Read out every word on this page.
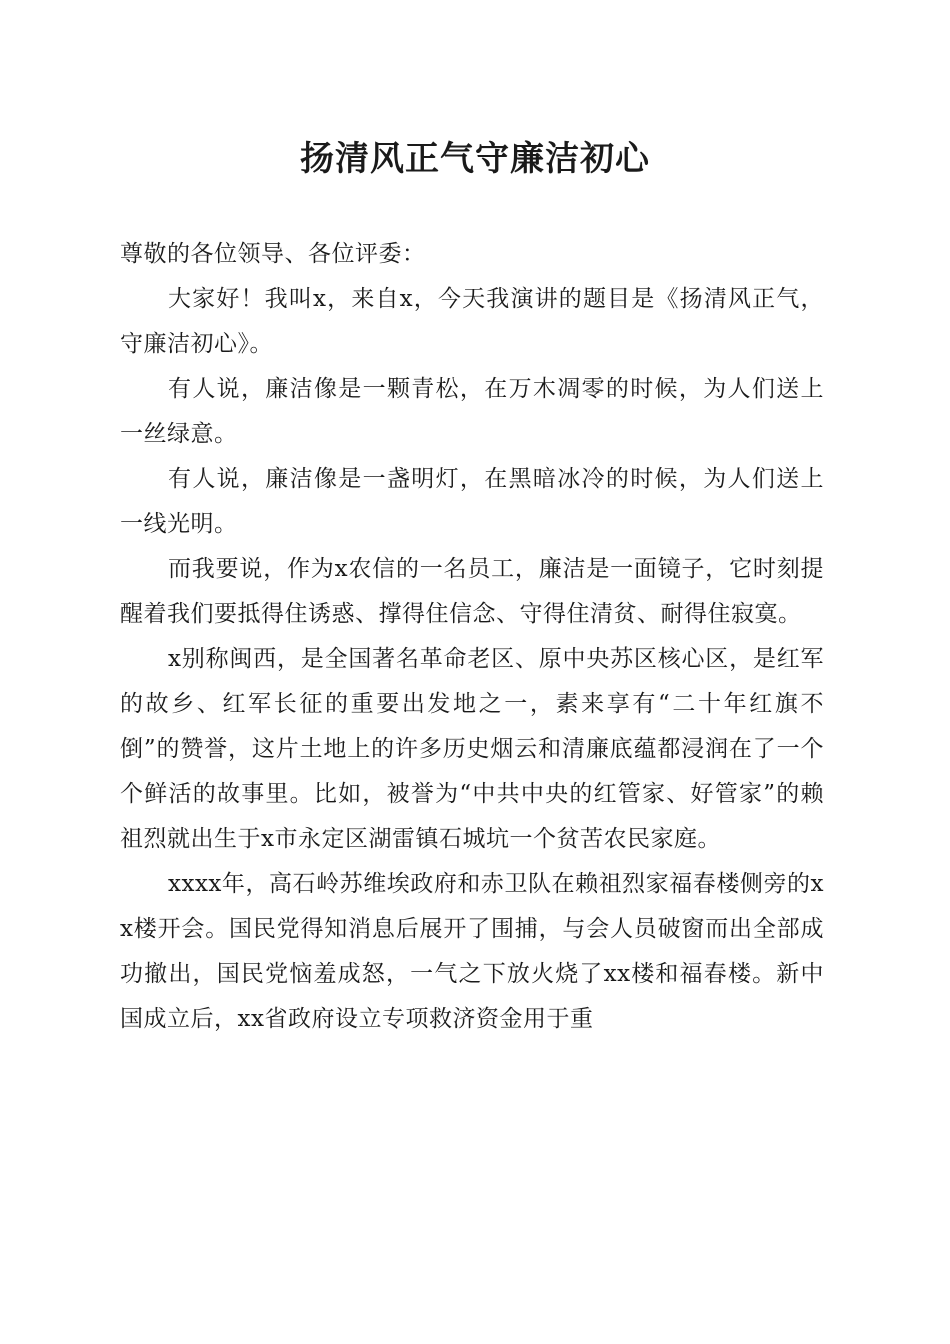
扬清风正气守廉洁初心

尊敬的各位领导、各位评委：

大家好！我叫x，来自x，今天我演讲的题目是《扬清风正气，守廉洁初心》。

有人说，廉洁像是一颗青松，在万木凋零的时候，为人们送上一丝绿意。

有人说，廉洁像是一盏明灯，在黑暗冰冷的时候，为人们送上一线光明。

而我要说，作为x农信的一名员工，廉洁是一面镜子，它时刻提醒着我们要抵得住诱惑、撑得住信念、守得住清贫、耐得住寂寞。

x别称闽西，是全国著名革命老区、原中央苏区核心区，是红军的故乡、红军长征的重要出发地之一，素来享有“二十年红旗不倒”的赞誉，这片土地上的许多历史烟云和清廉底蕴都浸润在了一个个鲜活的故事里。比如，被誉为“中共中央的红管家、好管家”的赖祖烈就出生于x市永定区湖雷镇石城坑一个贫苦农民家庭。

xxxx年，高石岭苏维埃政府和赤卫队在赖祖烈家福春楼侧旁的xx楼开会。国民党得知消息后展开了围捕，与会人员破窗而出全部成功撤出，国民党恼羞成怒，一气之下放火烧了xx楼和福春楼。新中国成立后，xx省政府设立专项救济资金用于重
